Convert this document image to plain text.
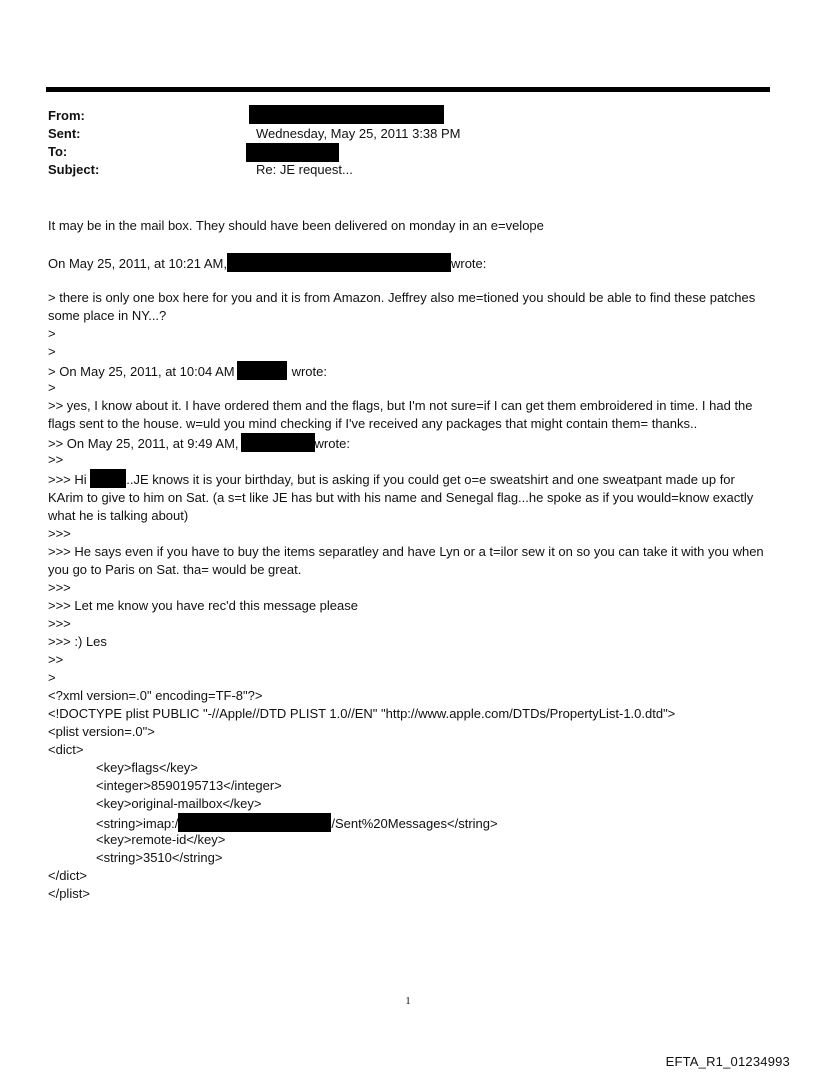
From:
Sent:	Wednesday, May 25, 2011 3:38 PM
To:
Subject:	Re: JE request...
It may be in the mail box. They should have been delivered on monday in an e=velope
On May 25, 2011, at 10:21 AM,	wrote:
> there is only one box here for you and it is from Amazon. Jeffrey also me=tioned you should be able to find these patches some place in NY...?
>
>
> On May 25, 2011, at 10:04 AM	wrote:
>
>> yes, I know about it. I have ordered them and the flags, but I'm not sure=if I can get them embroidered in time. I had the flags sent to the house. w=uld you mind checking if I've received any packages that might contain them= thanks..
>> On May 25, 2011, at 9:49 AM,	wrote:
>>
>>> Hi	..JE knows it is your birthday, but is asking if you could get o=e sweatshirt and one sweatpant made up for KArim to give to him on Sat. (a s=t like JE has but with his name and Senegal flag...he spoke as if you would=know exactly what he is talking about)
>>>
>>> He says even if you have to buy the items separatley and have Lyn or a t=ilor sew it on so you can take it with you when you go to Paris on Sat. tha= would be great.
>>>
>>> Let me know you have rec'd this message please
>>>
>>> :) Les
>>
>
<?xml version=.0" encoding=TF-8"?>
<!DOCTYPE plist PUBLIC "-//Apple//DTD PLIST 1.0//EN" "http://www.apple.com/DTDs/PropertyList-1.0.dtd">
<plist version=.0">
<dict>
<key>flags</key>
<integer>8590195713</integer>
<key>original-mailbox</key>
<string>imap:/	/Sent%20Messages</string>
<key>remote-id</key>
<string>3510</string>
</dict>
</plist>
1
EFTA_R1_01234993
